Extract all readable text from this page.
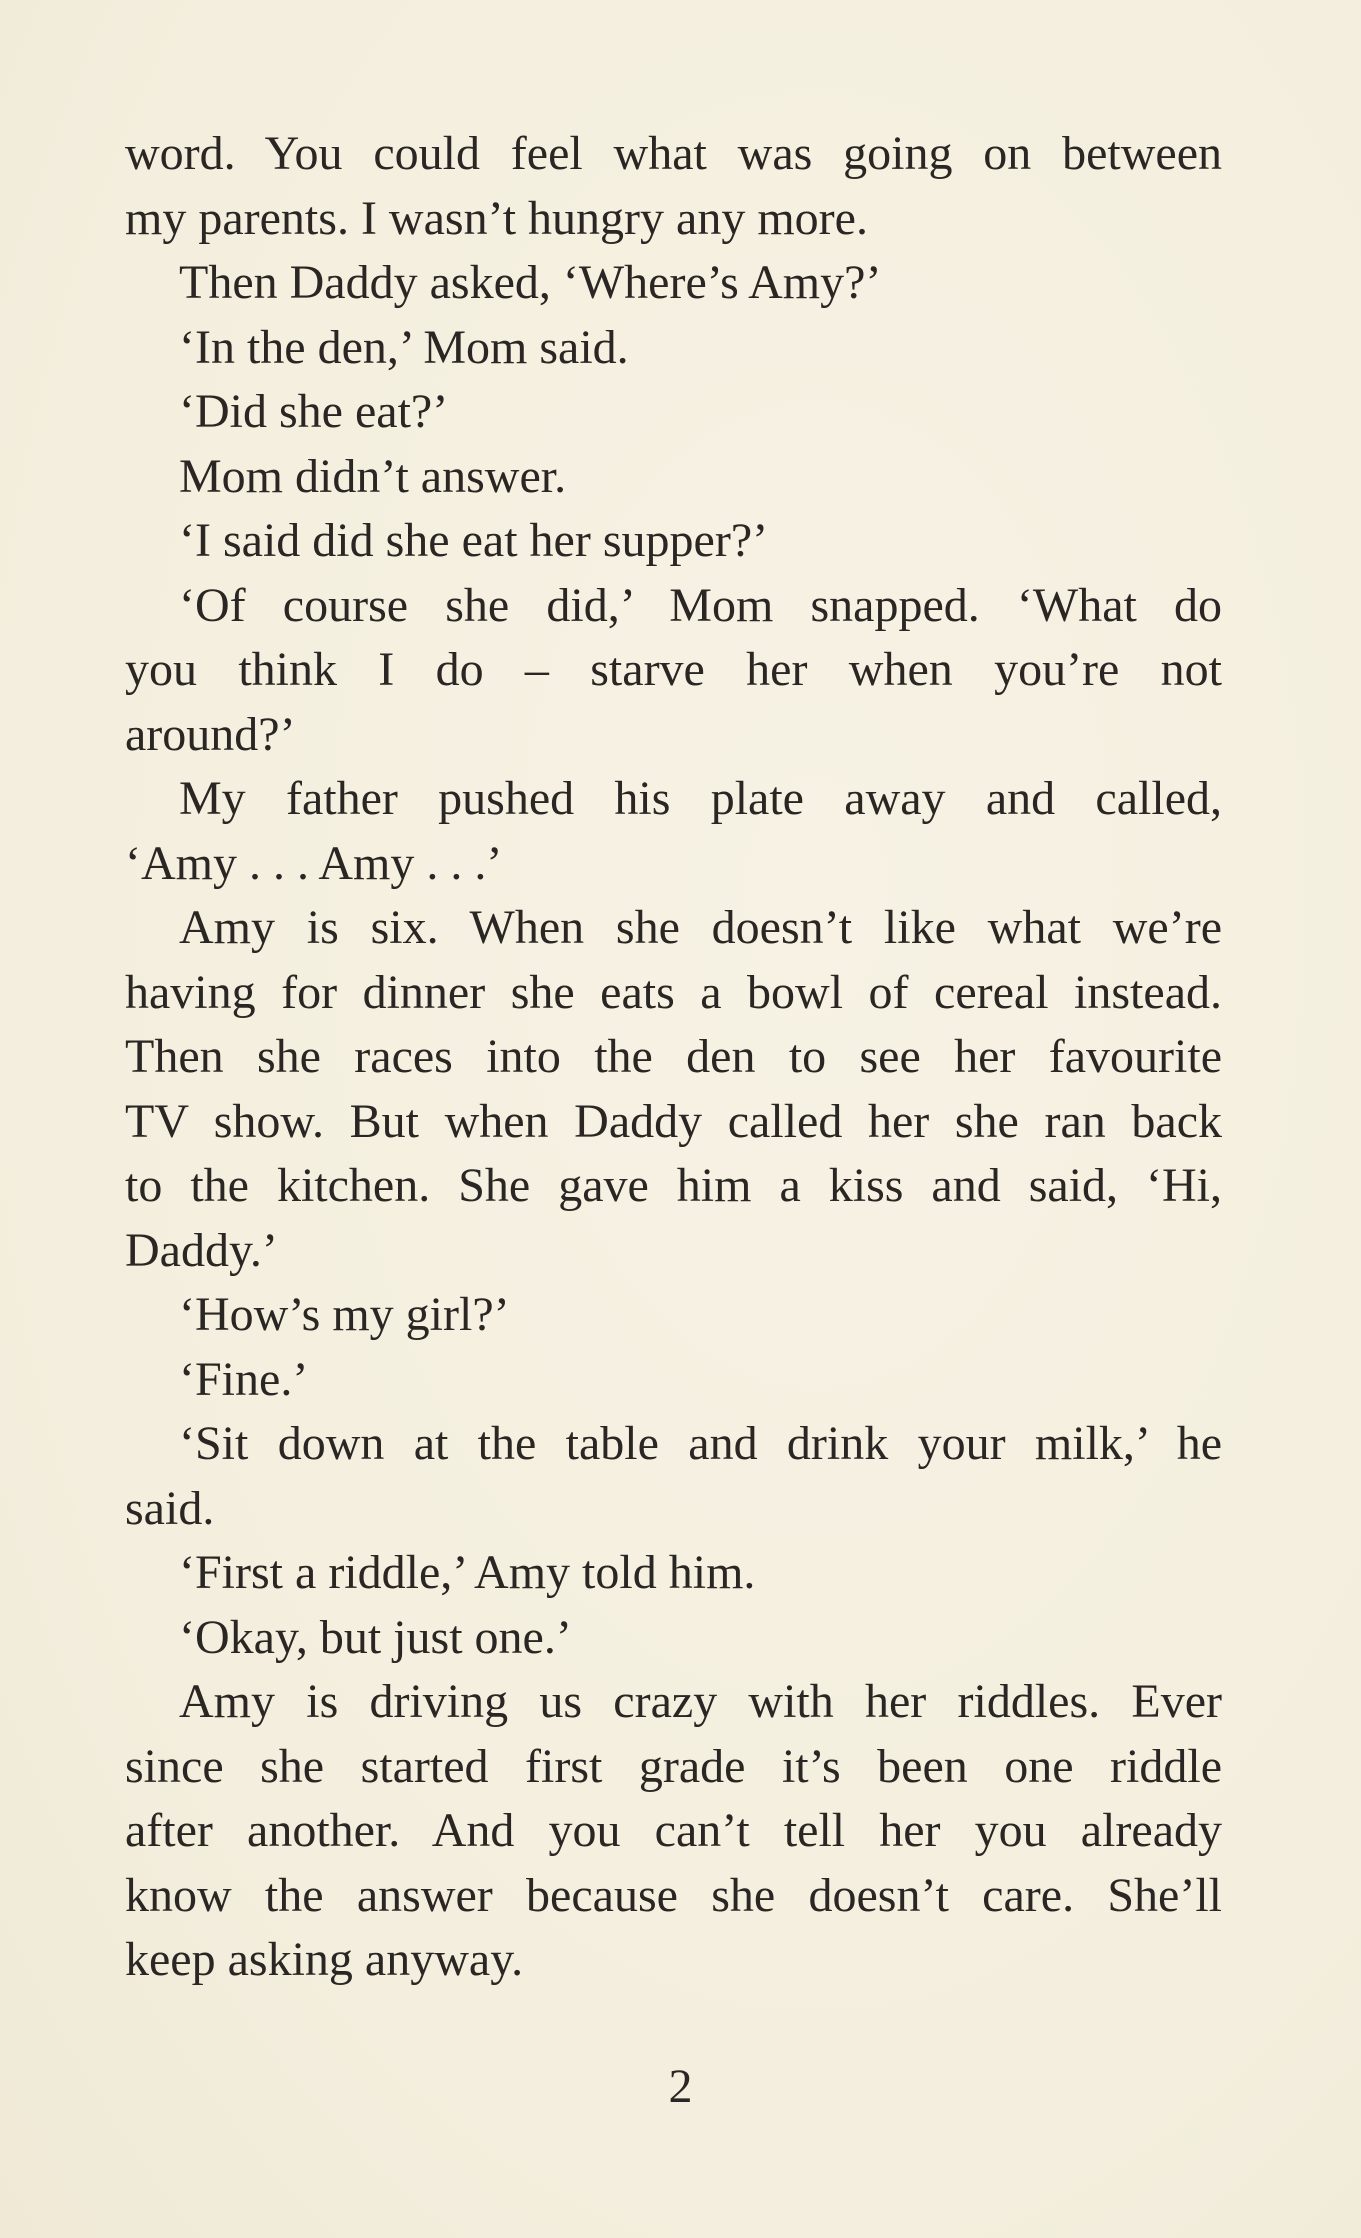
word. You could feel what was going on between
my parents. I wasn’t hungry any more.
Then Daddy asked, ‘Where’s Amy?’
‘In the den,’ Mom said.
‘Did she eat?’
Mom didn’t answer.
‘I said did she eat her supper?’
‘Of course she did,’ Mom snapped. ‘What do
you think I do – starve her when you’re not
around?’
My father pushed his plate away and called,
‘Amy . . . Amy . . .’
Amy is six. When she doesn’t like what we’re
having for dinner she eats a bowl of cereal instead.
Then she races into the den to see her favourite
TV show. But when Daddy called her she ran back
to the kitchen. She gave him a kiss and said, ‘Hi,
Daddy.’
‘How’s my girl?’
‘Fine.’
‘Sit down at the table and drink your milk,’ he
said.
‘First a riddle,’ Amy told him.
‘Okay, but just one.’
Amy is driving us crazy with her riddles. Ever
since she started first grade it’s been one riddle
after another. And you can’t tell her you already
know the answer because she doesn’t care. She’ll
keep asking anyway.
2
